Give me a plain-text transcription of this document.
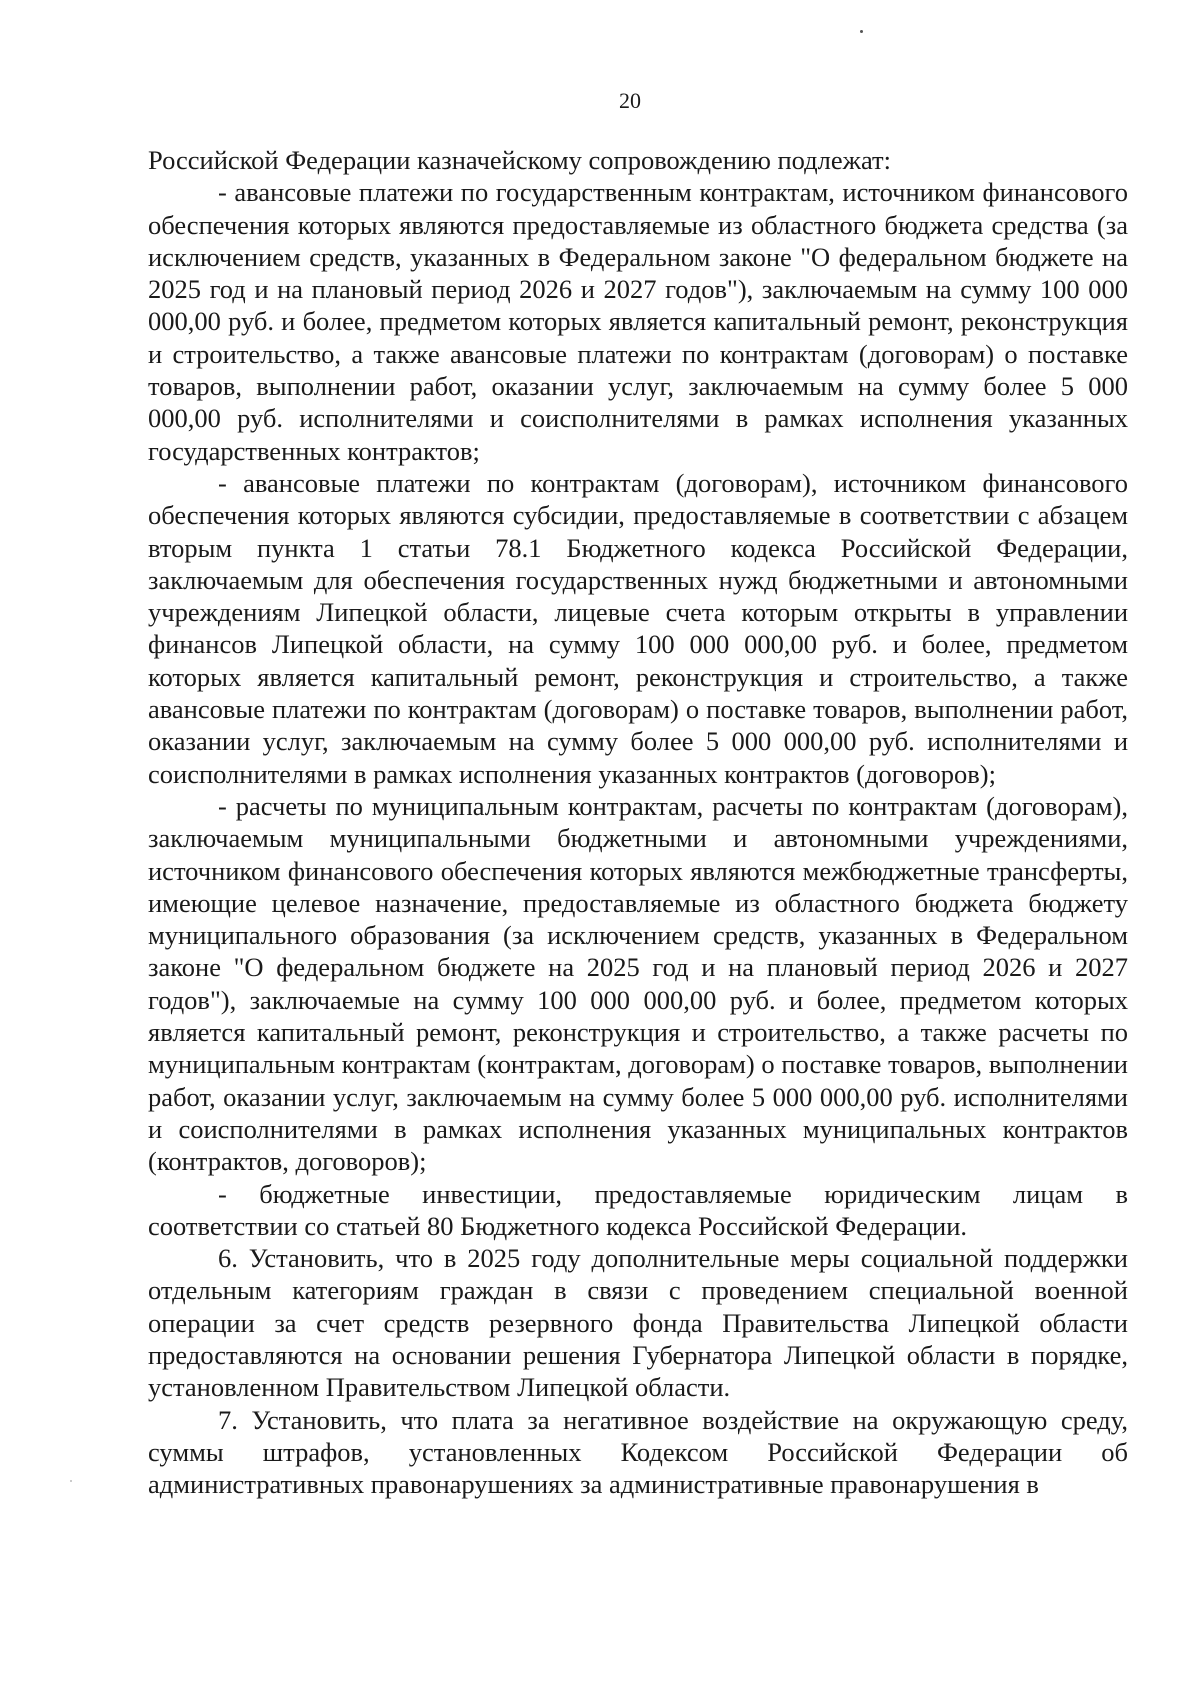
20

Российской Федерации казначейскому сопровождению подлежат:

- авансовые платежи по государственным контрактам, источником финансового обеспечения которых являются предоставляемые из областного бюджета средства (за исключением средств, указанных в Федеральном законе "О федеральном бюджете на 2025 год и на плановый период 2026 и 2027 годов"), заключаемым на сумму 100 000 000,00 руб. и более, предметом которых является капитальный ремонт, реконструкция и строительство, а также авансовые платежи по контрактам (договорам) о поставке товаров, выполнении работ, оказании услуг, заключаемым на сумму более 5 000 000,00 руб. исполнителями и соисполнителями в рамках исполнения указанных государственных контрактов;

- авансовые платежи по контрактам (договорам), источником финансового обеспечения которых являются субсидии, предоставляемые в соответствии с абзацем вторым пункта 1 статьи 78.1 Бюджетного кодекса Российской Федерации, заключаемым для обеспечения государственных нужд бюджетными и автономными учреждениям Липецкой области, лицевые счета которым открыты в управлении финансов Липецкой области, на сумму 100 000 000,00 руб. и более, предметом которых является капитальный ремонт, реконструкция и строительство, а также авансовые платежи по контрактам (договорам) о поставке товаров, выполнении работ, оказании услуг, заключаемым на сумму более 5 000 000,00 руб. исполнителями и соисполнителями в рамках исполнения указанных контрактов (договоров);

- расчеты по муниципальным контрактам, расчеты по контрактам (договорам), заключаемым муниципальными бюджетными и автономными учреждениями, источником финансового обеспечения которых являются межбюджетные трансферты, имеющие целевое назначение, предоставляемые из областного бюджета бюджету муниципального образования (за исключением средств, указанных в Федеральном законе "О федеральном бюджете на 2025 год и на плановый период 2026 и 2027 годов"), заключаемые на сумму 100 000 000,00 руб. и более, предметом которых является капитальный ремонт, реконструкция и строительство, а также расчеты по муниципальным контрактам (контрактам, договорам) о поставке товаров, выполнении работ, оказании услуг, заключаемым на сумму более 5 000 000,00 руб. исполнителями и соисполнителями в рамках исполнения указанных муниципальных контрактов (контрактов, договоров);

- бюджетные инвестиции, предоставляемые юридическим лицам в соответствии со статьей 80 Бюджетного кодекса Российской Федерации.

6. Установить, что в 2025 году дополнительные меры социальной поддержки отдельным категориям граждан в связи с проведением специальной военной операции за счет средств резервного фонда Правительства Липецкой области предоставляются на основании решения Губернатора Липецкой области в порядке, установленном Правительством Липецкой области.

7. Установить, что плата за негативное воздействие на окружающую среду, суммы штрафов, установленных Кодексом Российской Федерации об административных правонарушениях за административные правонарушения в
